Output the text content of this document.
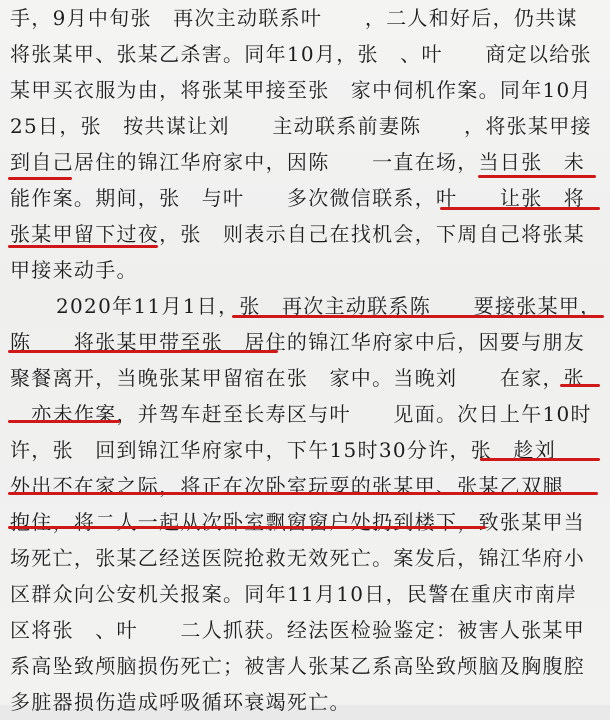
手，9月中旬张　再次主动联系叶　　，二人和好后，仍共谋
将张某甲、张某乙杀害。同年10月，张　、叶　　商定以给张
某甲买衣服为由，将张某甲接至张　家中伺机作案。同年10月
25日，张　按共谋让刘　　主动联系前妻陈　　，将张某甲接
到自己居住的锦江华府家中，因陈　　一直在场，当日张　未
能作案。期间，张　与叶　　多次微信联系，叶　　让张　将
张某甲留下过夜，张　则表示自己在找机会，下周自己将张某
甲接来动手。
2020年11月1日，张　再次主动联系陈　　要接张某甲，
陈　　将张某甲带至张　居住的锦江华府家中后，因要与朋友
聚餐离开，当晚张某甲留宿在张　家中。当晚刘　　在家，张
　亦未作案，并驾车赶至长寿区与叶　　见面。次日上午10时
许，张　回到锦江华府家中，下午15时30分许，张　趁刘　
外出不在家之际，将正在次卧室玩耍的张某甲、张某乙双腿
抱住，将二人一起从次卧室飘窗窗户处扔到楼下，致张某甲当
场死亡，张某乙经送医院抢救无效死亡。案发后，锦江华府小
区群众向公安机关报案。同年11月10日，民警在重庆市南岸
区将张　、叶　　二人抓获。经法医检验鉴定：被害人张某甲
系高坠致颅脑损伤死亡；被害人张某乙系高坠致颅脑及胸腹腔
多脏器损伤造成呼吸循环衰竭死亡。
